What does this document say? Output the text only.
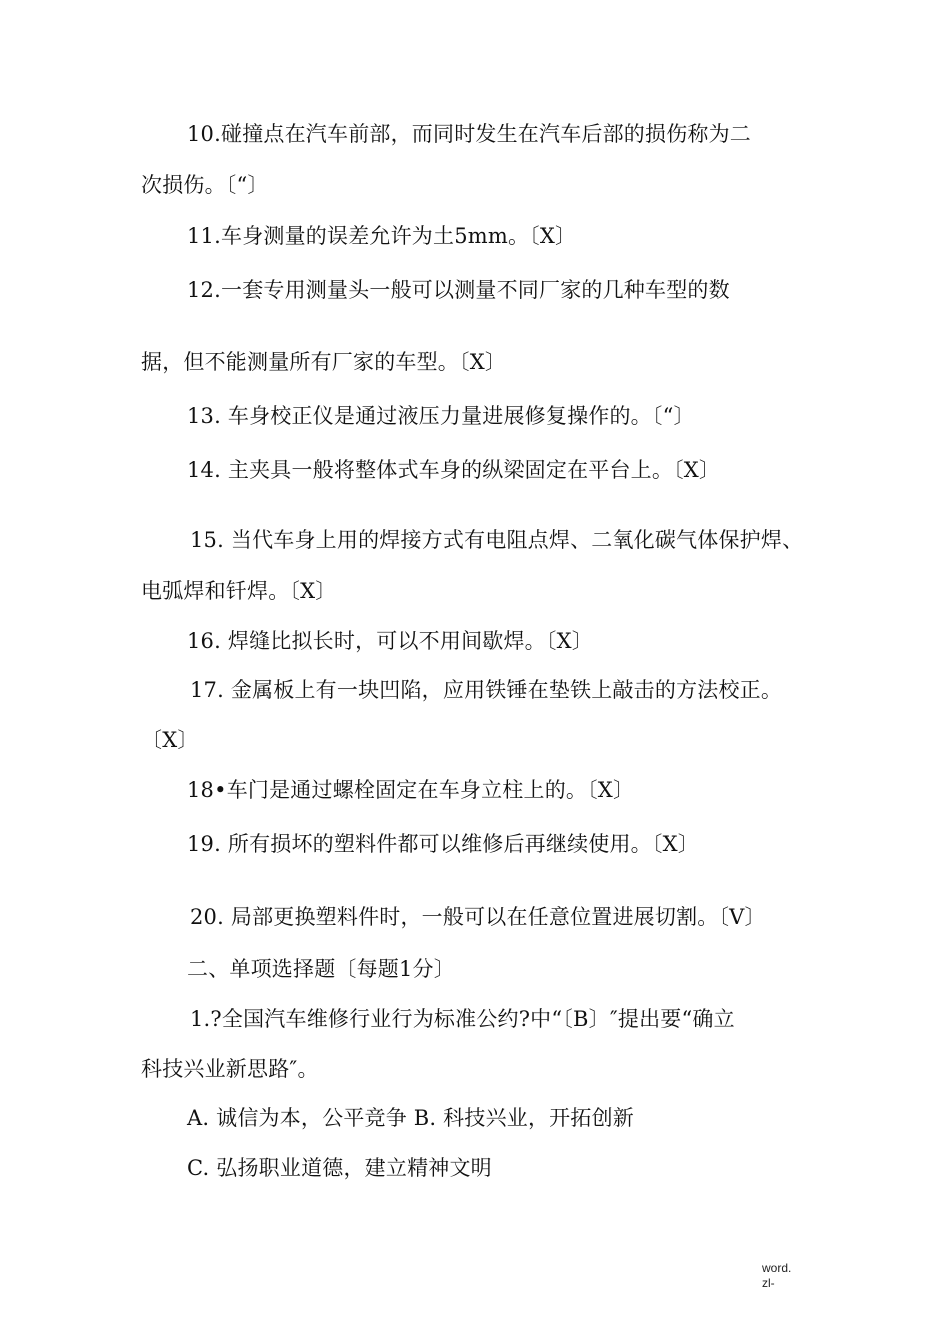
10.碰撞点在汽车前部，而同时发生在汽车后部的损伤称为二
次损伤。〔“〕
11.车身测量的误差允许为土5mm。〔X〕
12.一套专用测量头一般可以测量不同厂家的几种车型的数
据，但不能测量所有厂家的车型。〔X〕
13. 车身校正仪是通过液压力量进展修复操作的。〔“〕
14. 主夹具一般将整体式车身的纵梁固定在平台上。〔X〕
15. 当代车身上用的焊接方式有电阻点焊、二氧化碳气体保护焊、
电弧焊和钎焊。〔X〕
16. 焊缝比拟长时，可以不用间歇焊。〔X〕
17. 金属板上有一块凹陷，应用铁锤在垫铁上敲击的方法校正。
〔X〕
18•车门是通过螺栓固定在车身立柱上的。〔X〕
19. 所有损坏的塑料件都可以维修后再继续使用。〔X〕
20. 局部更换塑料件时，一般可以在任意位置进展切割。〔V〕
二、单项选择题〔每题1分〕
1.?全国汽车维修行业行为标准公约?中“〔B〕″提出要“确立
科技兴业新思路″。
A. 诚信为本，公平竞争 B. 科技兴业，开拓创新
C. 弘扬职业道德，建立精神文明
word.
zl-
